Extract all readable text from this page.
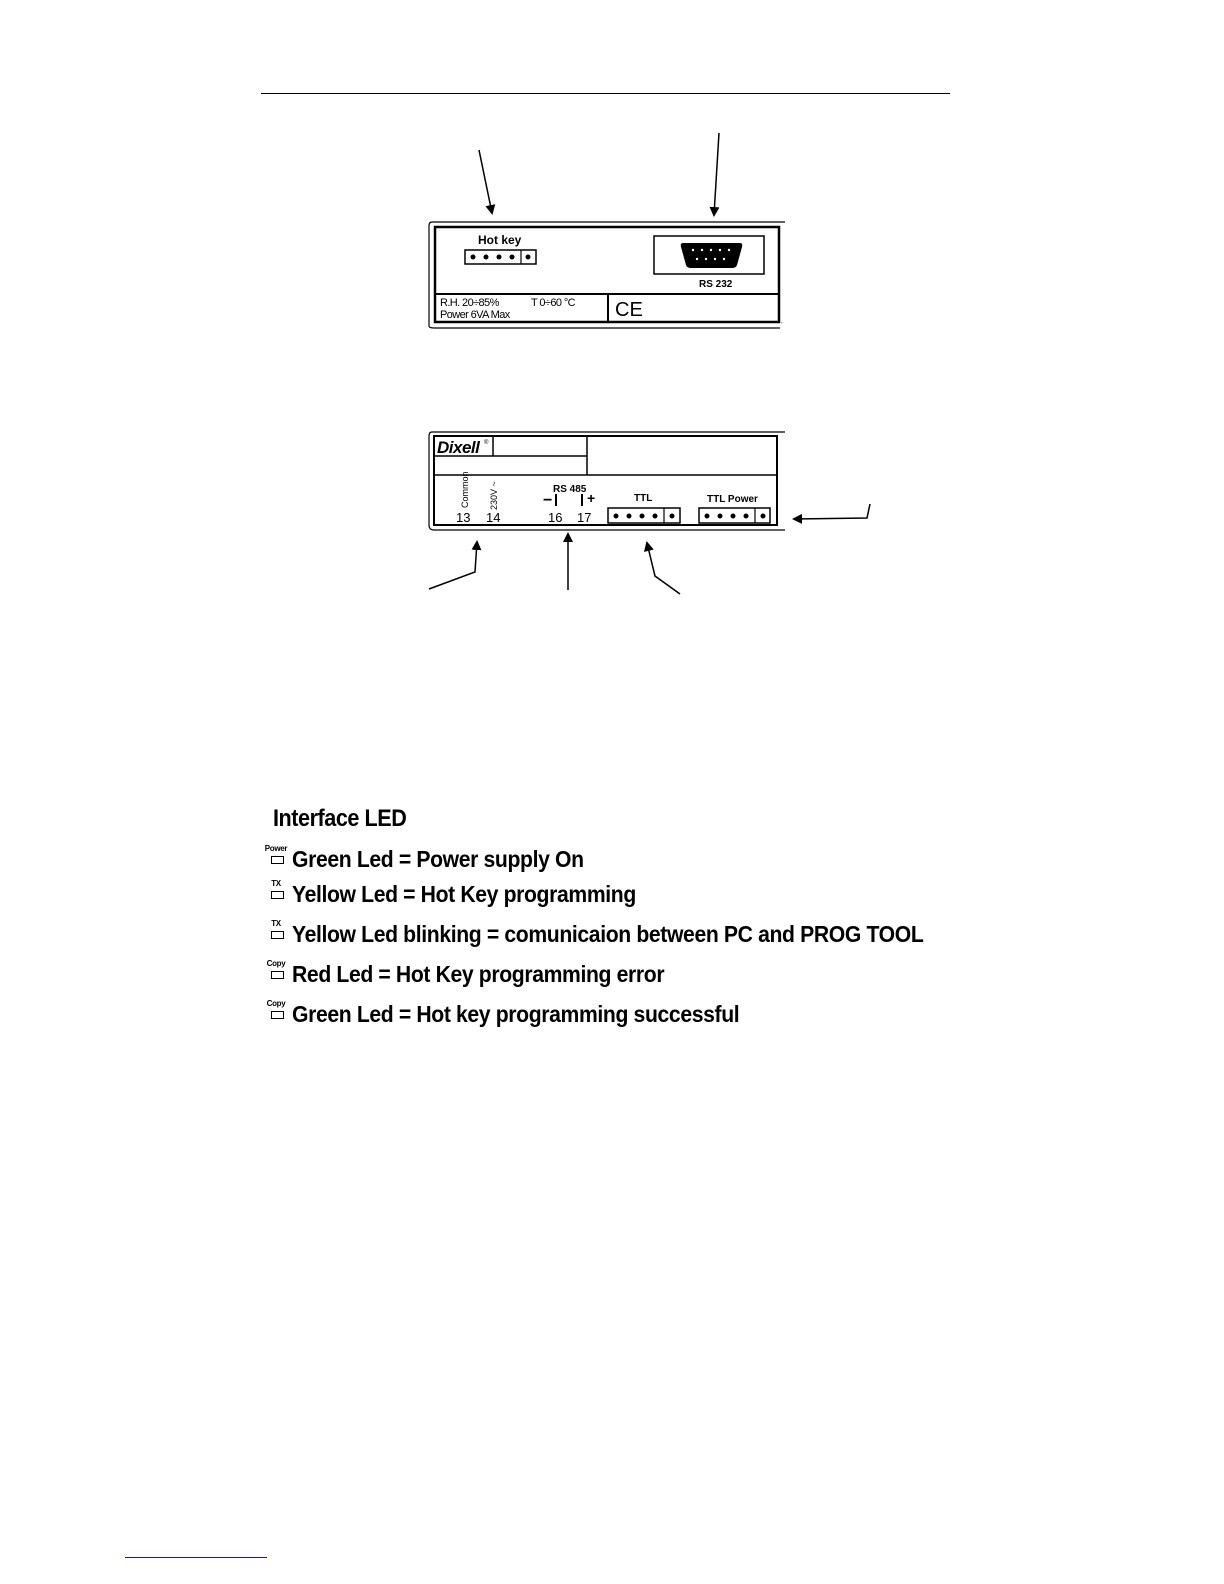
Hot key
RS 232
R.H. 20÷85%	T 0÷60 °C
Power 6VA Max	CE
,
Dixell ®
Common 230V ~	RS 485
− +
13 14	16 17
TTL	TTL Power
Interface LED
Power Green Led = Power supply On
TX Yellow Led = Hot Key programming
TX Yellow Led blinking = comunicaion between PC and PROG TOOL
Copy Red Led = Hot Key programming error
Copy Green Led = Hot key programming successful
